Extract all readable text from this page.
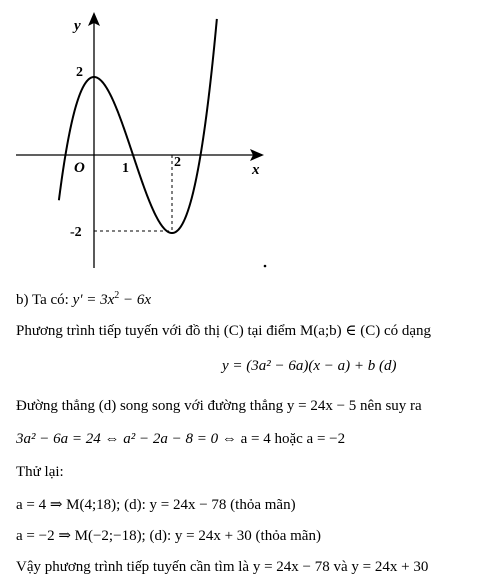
y
x
O
2
-2
1	2
b) Ta có: $y' = 3x^2 - 6x$
Phương trình tiếp tuyến với đồ thị (C) tại điểm M(a;b) ∈ (C) có dạng
y = (3a² − 6a)(x − a) + b (d)
Đường thẳng (d) song song với đường thẳng y = 24x − 5 nên suy ra
3a² − 6a = 24 ⇔ a² − 2a − 8 = 0 ⇔ a = 4 hoặc a = −2
Thử lại:
a = 4 ⇒ M(4;18); (d): y = 24x − 78 (thỏa mãn)
a = −2 ⇒ M(−2;−18); (d): y = 24x + 30 (thỏa mãn)
Vậy phương trình tiếp tuyến cần tìm là y = 24x − 78 và y = 24x + 30
